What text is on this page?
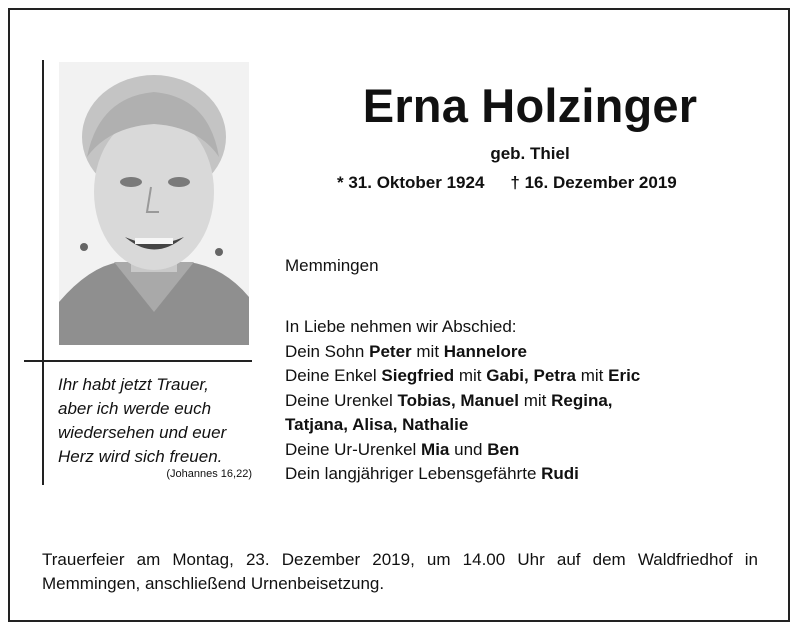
Ihr habt jetzt Trauer,
aber ich werde euch
wiedersehen und euer
Herz wird sich freuen.
(Johannes 16,22)
Erna Holzinger
geb. Thiel
* 31. Oktober 1924 † 16. Dezember 2019
Memmingen
In Liebe nehmen wir Abschied:
Dein Sohn Peter mit Hannelore
Deine Enkel Siegfried mit Gabi, Petra mit Eric
Deine Urenkel Tobias, Manuel mit Regina,
Tatjana, Alisa, Nathalie
Deine Ur-Urenkel Mia und Ben
Dein langjähriger Lebensgefährte Rudi
Trauerfeier am Montag, 23. Dezember 2019, um 14.00 Uhr auf dem Waldfriedhof in Memmingen, anschließend Urnenbeisetzung.
